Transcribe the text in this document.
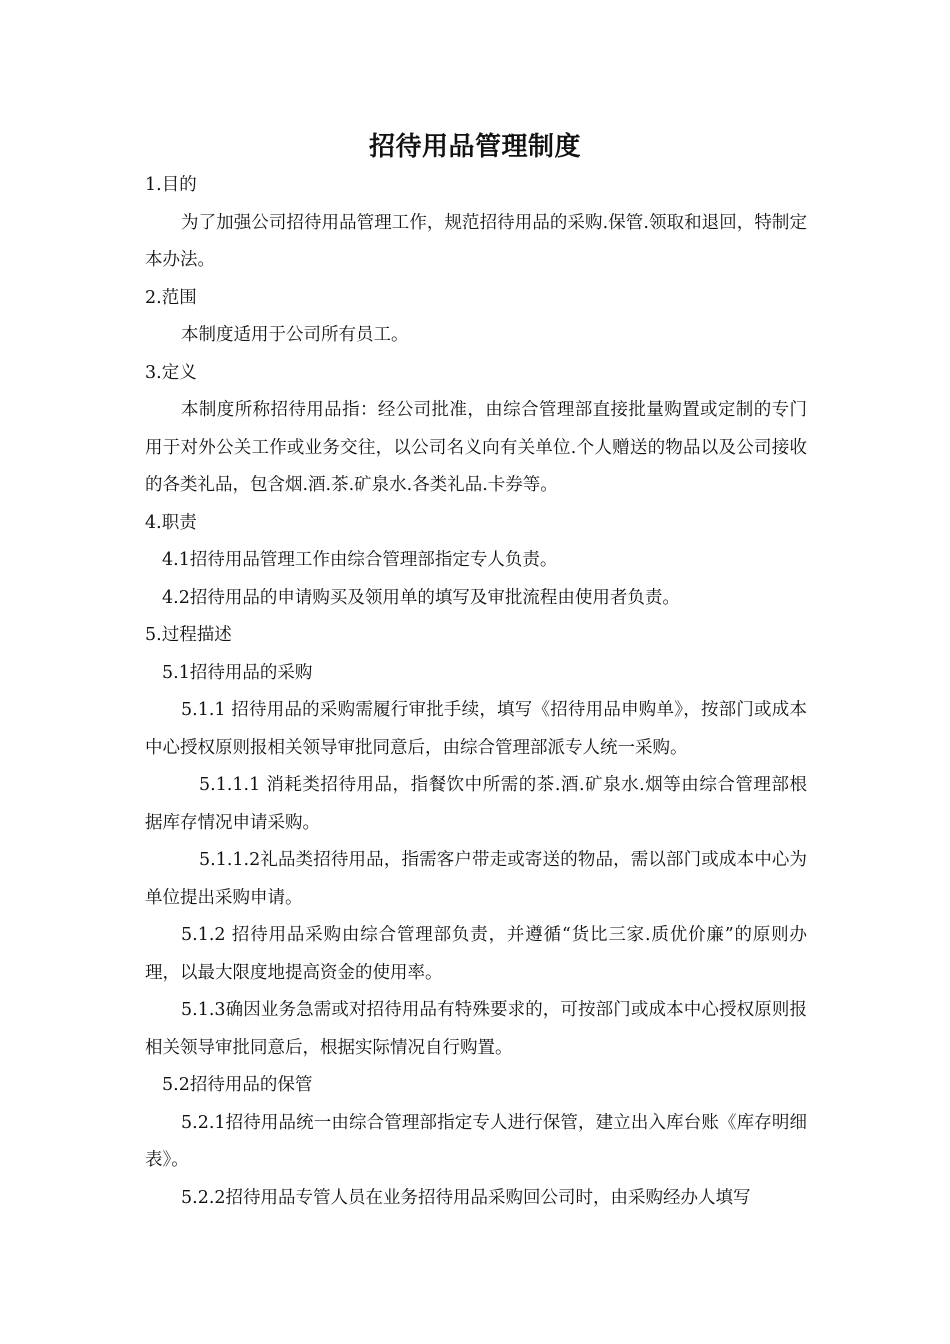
招待用品管理制度

1.目的

为了加强公司招待用品管理工作，规范招待用品的采购.保管.领取和退回，特制定本办法。

2.范围

本制度适用于公司所有员工。

3.定义

本制度所称招待用品指：经公司批准，由综合管理部直接批量购置或定制的专门用于对外公关工作或业务交往，以公司名义向有关单位.个人赠送的物品以及公司接收的各类礼品，包含烟.酒.茶.矿泉水.各类礼品.卡券等。

4.职责

4.1招待用品管理工作由综合管理部指定专人负责。

4.2招待用品的申请购买及领用单的填写及审批流程由使用者负责。

5.过程描述

5.1招待用品的采购

5.1.1 招待用品的采购需履行审批手续，填写《招待用品申购单》，按部门或成本中心授权原则报相关领导审批同意后，由综合管理部派专人统一采购。

5.1.1.1 消耗类招待用品，指餐饮中所需的茶.酒.矿泉水.烟等由综合管理部根据库存情况申请采购。

5.1.1.2礼品类招待用品，指需客户带走或寄送的物品，需以部门或成本中心为单位提出采购申请。

5.1.2 招待用品采购由综合管理部负责，并遵循“货比三家.质优价廉”的原则办理，以最大限度地提高资金的使用率。

5.1.3确因业务急需或对招待用品有特殊要求的，可按部门或成本中心授权原则报相关领导审批同意后，根据实际情况自行购置。

5.2招待用品的保管

5.2.1招待用品统一由综合管理部指定专人进行保管，建立出入库台账《库存明细表》。

5.2.2招待用品专管人员在业务招待用品采购回公司时，由采购经办人填写
